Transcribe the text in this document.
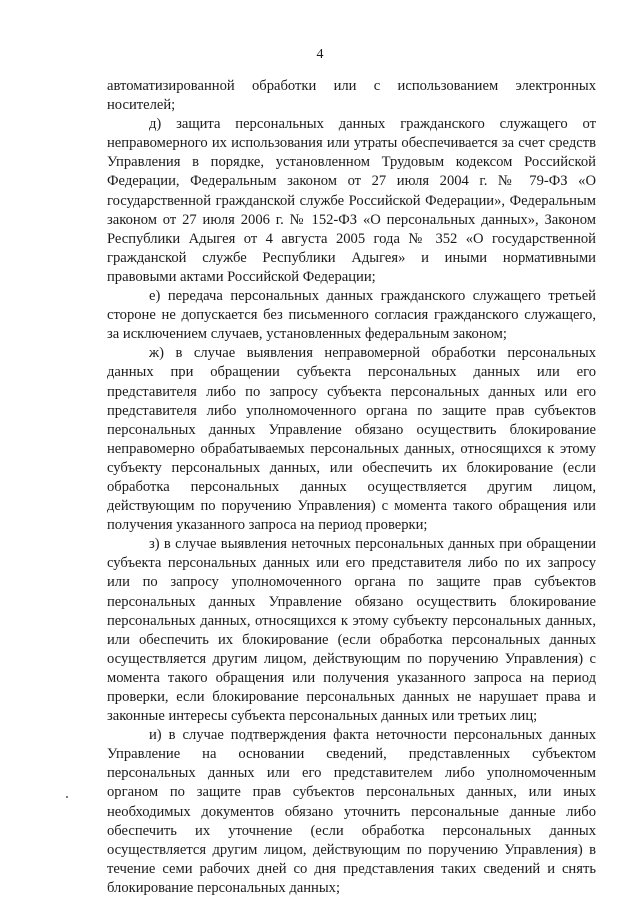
4

автоматизированной обработки или с использованием электронных носителей;

д) защита персональных данных гражданского служащего от неправомерного их использования или утраты обеспечивается за счет средств Управления в порядке, установленном Трудовым кодексом Российской Федерации, Федеральным законом от 27 июля 2004 г. № 79-ФЗ «О государственной гражданской службе Российской Федерации», Федеральным законом от 27 июля 2006 г. № 152-ФЗ «О персональных данных», Законом Республики Адыгея от 4 августа 2005 года № 352 «О государственной гражданской службе Республики Адыгея» и иными нормативными правовыми актами Российской Федерации;

е) передача персональных данных гражданского служащего третьей стороне не допускается без письменного согласия гражданского служащего, за исключением случаев, установленных федеральным законом;

ж) в случае выявления неправомерной обработки персональных данных при обращении субъекта персональных данных или его представителя либо по запросу субъекта персональных данных или его представителя либо уполномоченного органа по защите прав субъектов персональных данных Управление обязано осуществить блокирование неправомерно обрабатываемых персональных данных, относящихся к этому субъекту персональных данных, или обеспечить их блокирование (если обработка персональных данных осуществляется другим лицом, действующим по поручению Управления) с момента такого обращения или получения указанного запроса на период проверки;

з) в случае выявления неточных персональных данных при обращении субъекта персональных данных или его представителя либо по их запросу или по запросу уполномоченного органа по защите прав субъектов персональных данных Управление обязано осуществить блокирование персональных данных, относящихся к этому субъекту персональных данных, или обеспечить их блокирование (если обработка персональных данных осуществляется другим лицом, действующим по поручению Управления) с момента такого обращения или получения указанного запроса на период проверки, если блокирование персональных данных не нарушает права и законные интересы субъекта персональных данных или третьих лиц;

и) в случае подтверждения факта неточности персональных данных Управление на основании сведений, представленных субъектом персональных данных или его представителем либо уполномоченным органом по защите прав субъектов персональных данных, или иных необходимых документов обязано уточнить персональные данные либо обеспечить их уточнение (если обработка персональных данных осуществляется другим лицом, действующим по поручению Управления) в течение семи рабочих дней со дня представления таких сведений и снять блокирование персональных данных;
